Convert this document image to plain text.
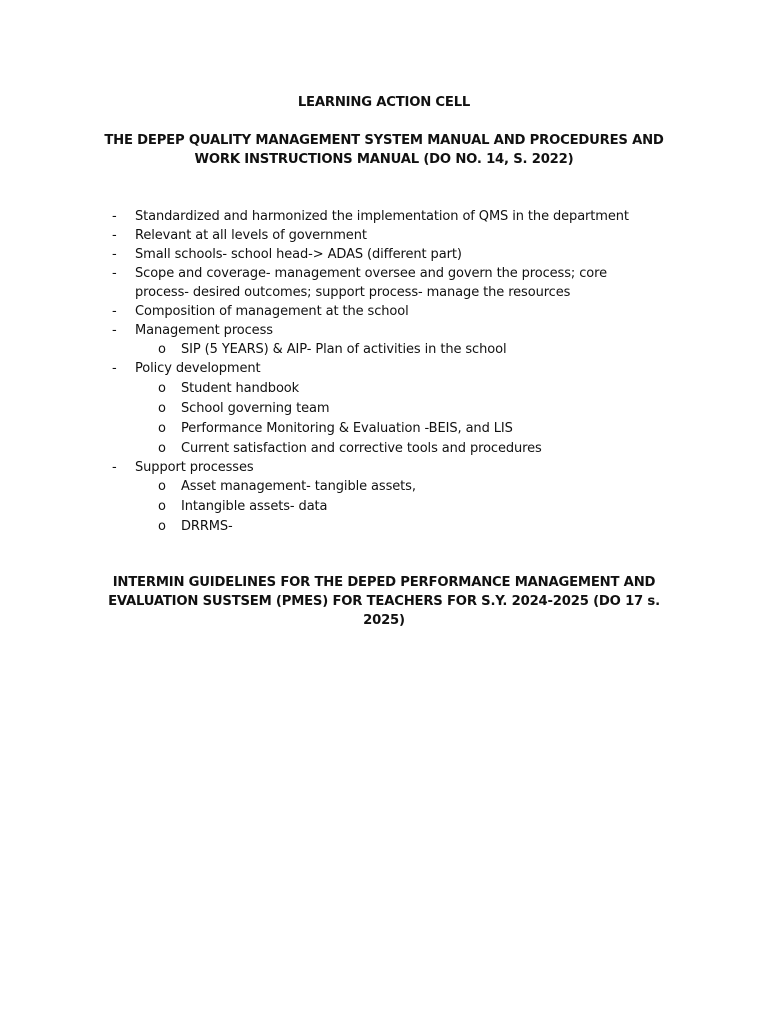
LEARNING ACTION CELL
THE DEPEP QUALITY MANAGEMENT SYSTEM MANUAL AND PROCEDURES AND WORK INSTRUCTIONS MANUAL (DO NO. 14, S. 2022)
-	Standardized and harmonized the implementation of QMS in the department
-	Relevant at all levels of government
-	Small schools- school head-> ADAS (different part)
-	Scope and coverage- management oversee and govern the process; core process- desired outcomes; support process- manage the resources
-	Composition of management at the school
-	Management process
o	SIP (5 YEARS) & AIP- Plan of activities in the school
-	Policy development
o	Student handbook
o	School governing team
o	Performance Monitoring & Evaluation -BEIS, and LIS
o	Current satisfaction and corrective tools and procedures
-	Support processes
o	Asset management- tangible assets,
o	Intangible assets- data
o	DRRMS-
INTERMIN GUIDELINES FOR THE DEPED PERFORMANCE MANAGEMENT AND EVALUATION SUSTSEM (PMES) FOR TEACHERS FOR S.Y. 2024-2025 (DO 17 s. 2025)
